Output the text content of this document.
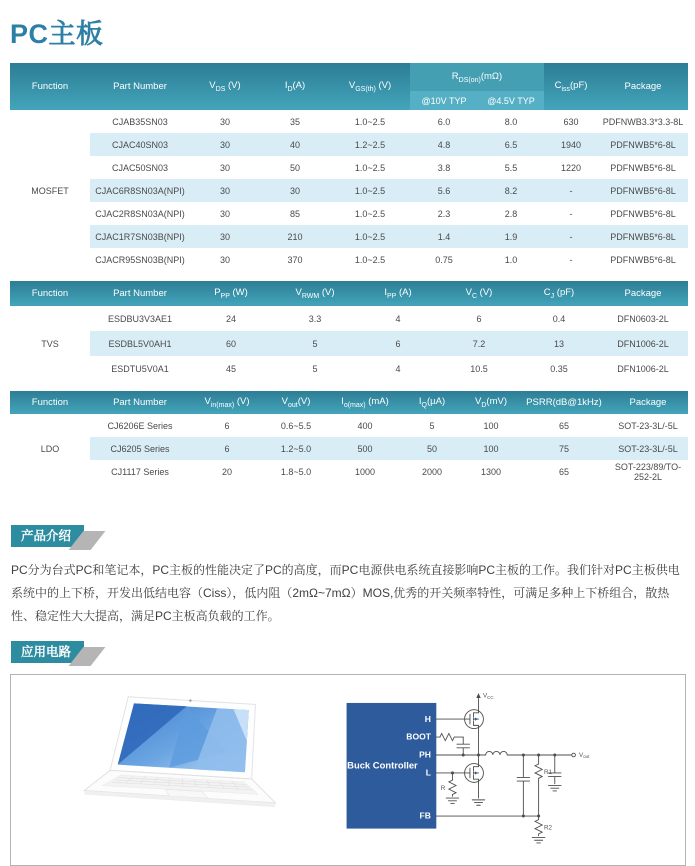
PC主板
Function	Part Number	$V_{DS}$ (V)	$I_D(A)$	$V_{GS(th)}$ (V)	$R_{DS(on)}(m\Omega)$		$C_{iss}(pF)$	Package
					@10V TYP	@4.5V TYP		
MOSFET	CJAB35SN03	30	35	1.0~2.5	6.0	8.0	630	PDFNWB3.3*3.3-8L
	CJAC40SN03	30	40	1.2~2.5	4.8	6.5	1940	PDFNWB5*6-8L
	CJAC50SN03	30	50	1.0~2.5	3.8	5.5	1220	PDFNWB5*6-8L
	CJAC6R8SN03A(NPI)	30	30	1.0~2.5	5.6	8.2	-	PDFNWB5*6-8L
	CJAC2R8SN03A(NPI)	30	85	1.0~2.5	2.3	2.8	-	PDFNWB5*6-8L
	CJAC1R7SN03B(NPI)	30	210	1.0~2.5	1.4	1.9	-	PDFNWB5*6-8L
	CJACR95SN03B(NPI)	30	370	1.0~2.5	0.75	1.0	-	PDFNWB5*6-8L
Function	Part Number	$P_{PP}$ (W)	$V_{RWM}$ (V)	$I_{PP}$ (A)	$V_C$ (V)	$C_J$ (pF)	Package
TVS	ESDBU3V3AE1	24	3.3	4	6	0.4	DFN0603-2L
	ESDBL5V0AH1	60	5	6	7.2	13	DFN1006-2L
	ESDTU5V0A1	45	5	4	10.5	0.35	DFN1006-2L
Function	Part Number	$V_{in(max)}$ (V)	$V_{out}(V)$	$I_{o(max)}$ (mA)	$I_Q(\mu A)$	$V_D(mV)$	PSRR(dB@1kHz)	Package
LDO	CJ6206E Series	6	0.6~5.5	400	5	100	65	SOT-23-3L/-5L
	CJ6205 Series	6	1.2~5.0	500	50	100	75	SOT-23-3L/-5L
	CJ1117 Series	20	1.8~5.0	1000	2000	1300	65	SOT-223/89/TO-252-2L
产品介绍

PC分为台式PC和笔记本，PC主板的性能决定了PC的高度，而PC电源供电系统直接影响PC主板的工作。我们针对PC主板供电系统中的上下桥，开发出低结电容（Ciss），低内阻（2mΩ~7mΩ）MOS,优秀的开关频率特性，可满足多种上下桥组合，散热性、稳定性大大提高，满足PC主板高负载的工作。

应用电路
Buck Controller
H
BOOT
PH
L
FB
$V_{CC}$
$V_{out}$
R
R1
R2
